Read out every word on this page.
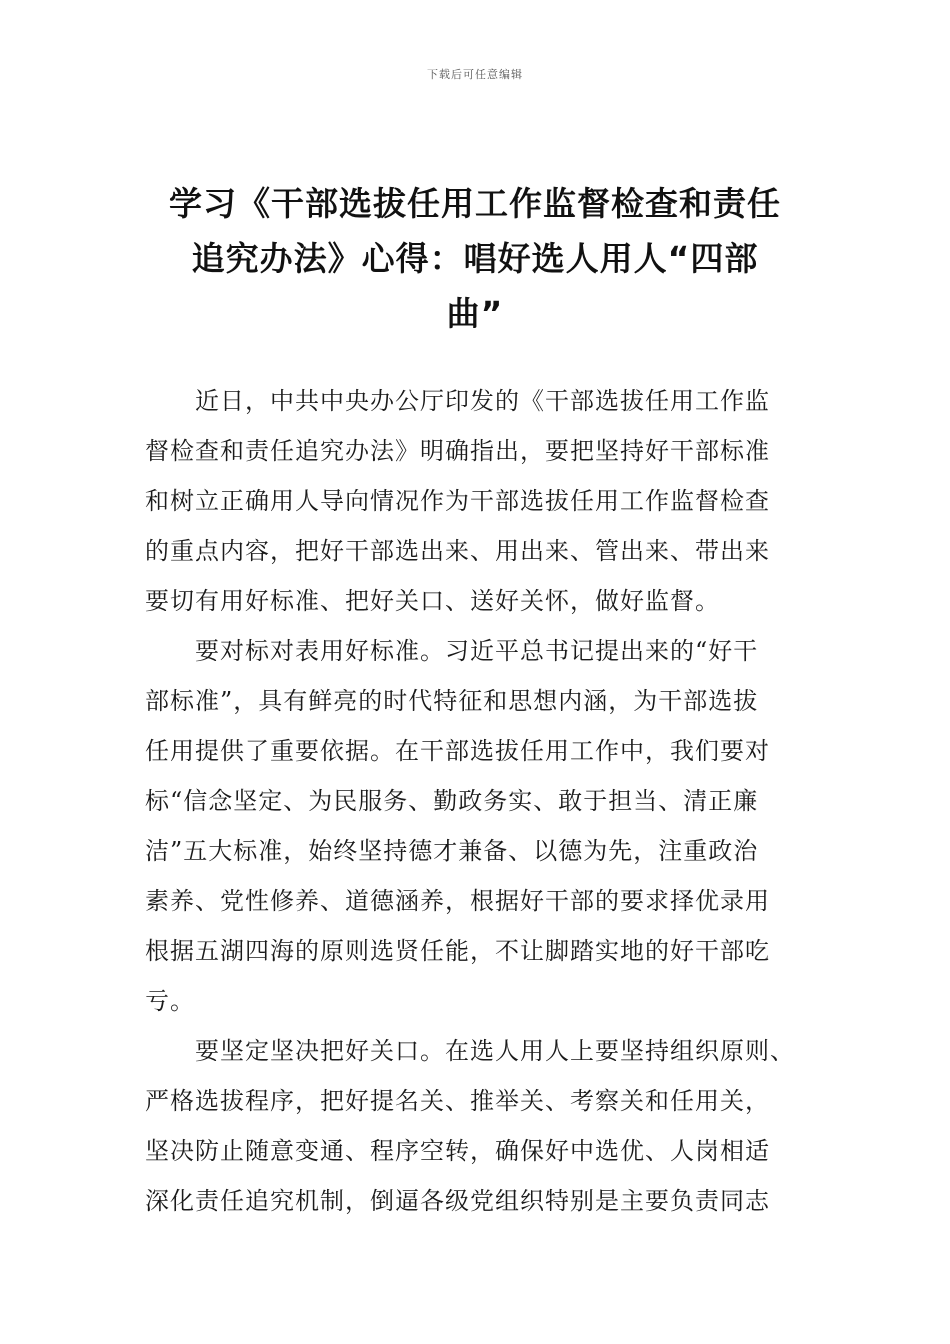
下载后可任意编辑
学习《干部选拔任用工作监督检查和责任
追究办法》心得：唱好选人用人“四部
曲”
近日，中共中央办公厅印发的《干部选拔任用工作监
督检查和责任追究办法》明确指出，要把坚持好干部标准
和树立正确用人导向情况作为干部选拔任用工作监督检查
的重点内容，把好干部选出来、用出来、管出来、带出来
要切有用好标准、把好关口、送好关怀，做好监督。
要对标对表用好标准。习近平总书记提出来的“好干
部标准”，具有鲜亮的时代特征和思想内涵，为干部选拔
任用提供了重要依据。在干部选拔任用工作中，我们要对
标“信念坚定、为民服务、勤政务实、敢于担当、清正廉
洁”五大标准，始终坚持德才兼备、以德为先，注重政治
素养、党性修养、道德涵养，根据好干部的要求择优录用
根据五湖四海的原则选贤任能，不让脚踏实地的好干部吃
亏。
要坚定坚决把好关口。在选人用人上要坚持组织原则、
严格选拔程序，把好提名关、推举关、考察关和任用关，
坚决防止随意变通、程序空转，确保好中选优、人岗相适
深化责任追究机制，倒逼各级党组织特别是主要负责同志
